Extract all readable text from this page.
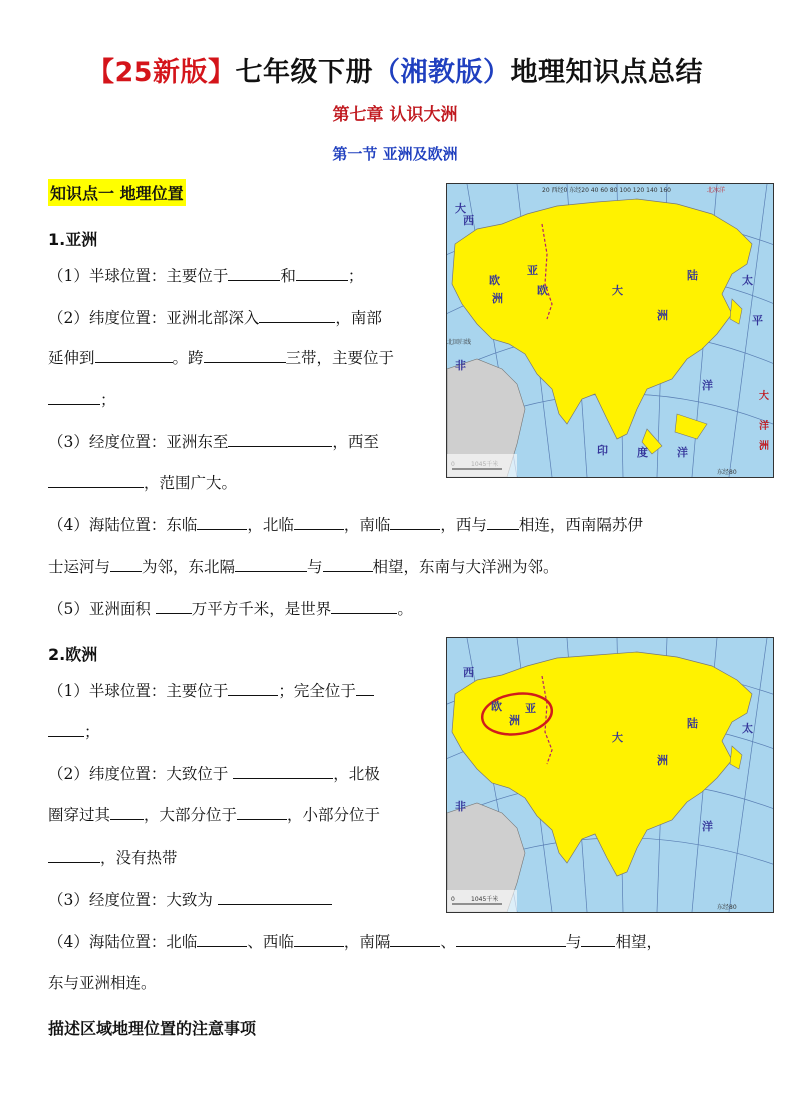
【25新版】七年级下册（湘教版）地理知识点总结
第七章 认识大洲
第一节 亚洲及欧洲
知识点一 地理位置
1.亚洲
（1）半球位置：主要位于	和	；
（2）纬度位置：亚洲北部深入	，南部
延伸到	。跨	三带，主要位于
；
（3）经度位置：亚洲东至	，西至
，范围广大。
（4）海陆位置：东临	，北临	，南临	，西与 相连，西南隔苏伊
士运河与 为邻，东北隔	与	相望，东南与大洋洲为邻。
（5）亚洲面积 万平方千米，是世界	。
2.欧洲
（1）半球位置：主要位于	；完全位于
；
（2）纬度位置：大致位于	，北极
圈穿过其 ，大部分位于	，小部分位于
，没有热带
（3）经度位置：大致为
（4）海陆位置：北临	、西临	，南隔	、	与 相望，
东与亚洲相连。
描述区域地理位置的注意事项
欧
洲
亚
欧	大
陆
洲
太
平
洋
印	度	洋
非
西
大
大
洋
洲
20 西经0 东经20 40 60 80 100 120 140 160	北冰洋
北回归线
东经80
欧
洲
亚
大
陆
洲
太
洋
非
西
0	1045千米
东经80
